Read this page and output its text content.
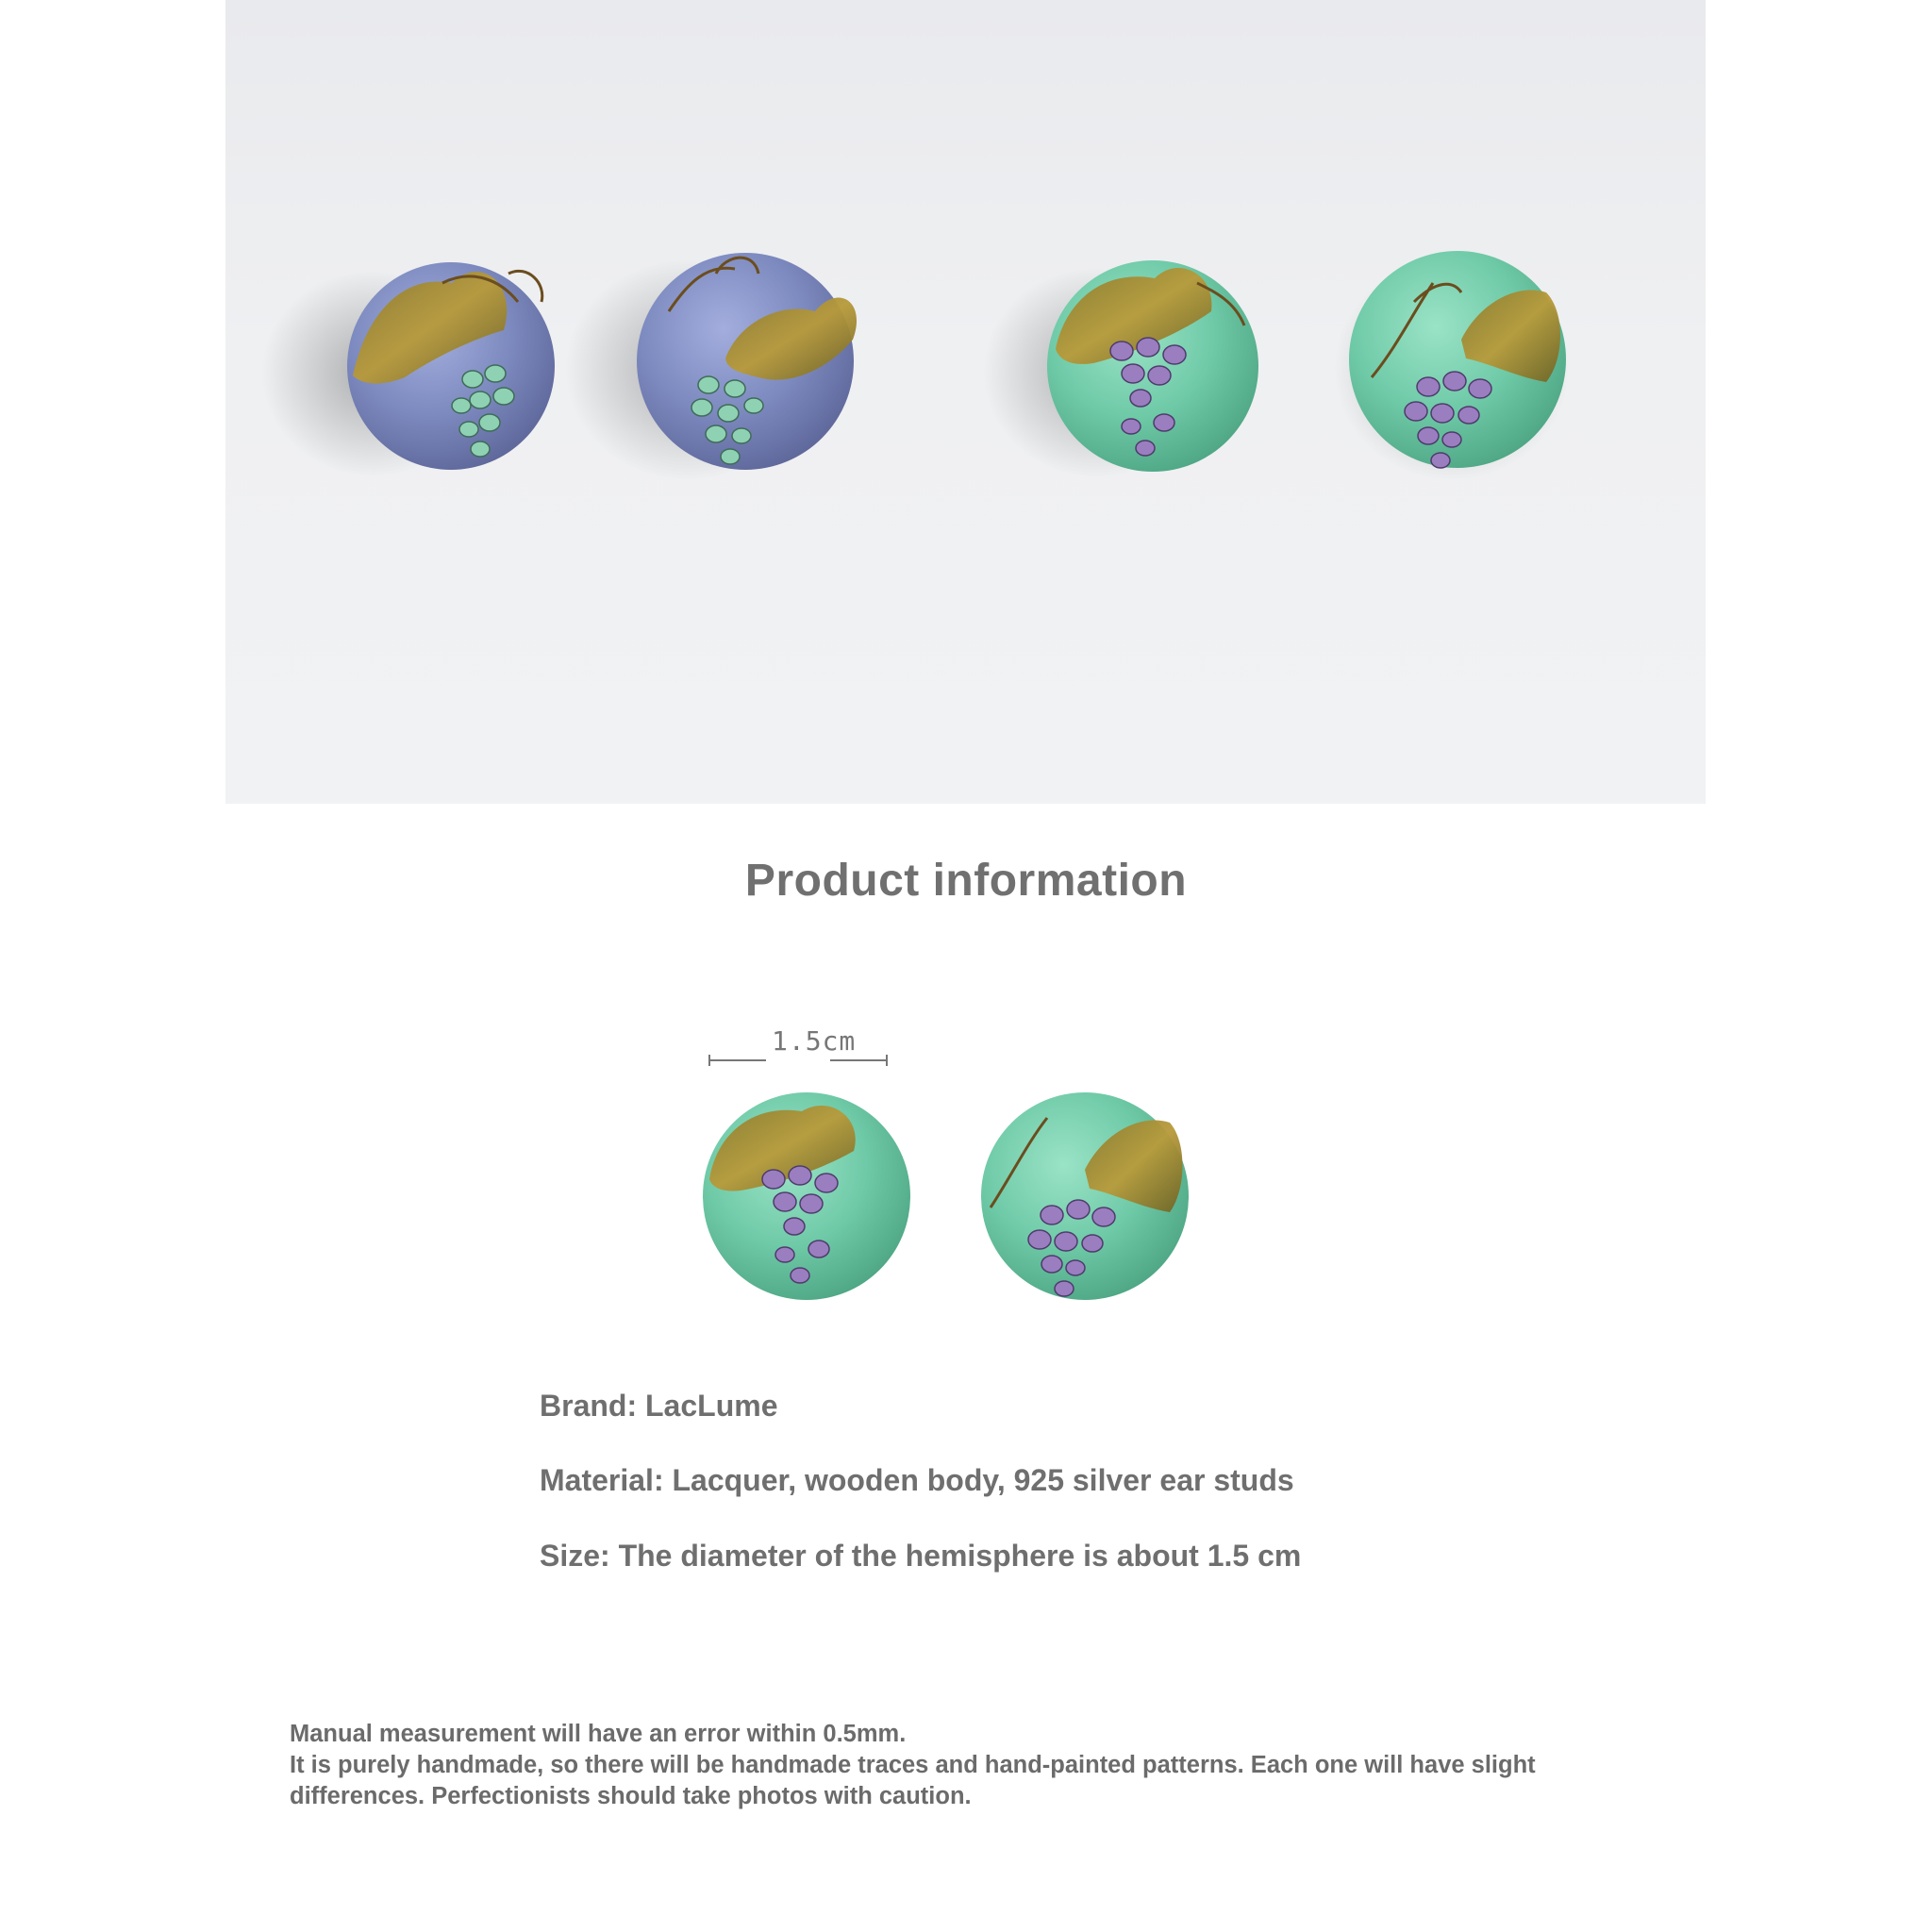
Product information
1.5cm
Brand: LacLume
Material: Lacquer, wooden body, 925 silver ear studs
Size: The diameter of the hemisphere is about 1.5 cm
Manual measurement will have an error within 0.5mm.
It is purely handmade, so there will be handmade traces and hand-painted patterns. Each one will have slight
differences. Perfectionists should take photos with caution.
